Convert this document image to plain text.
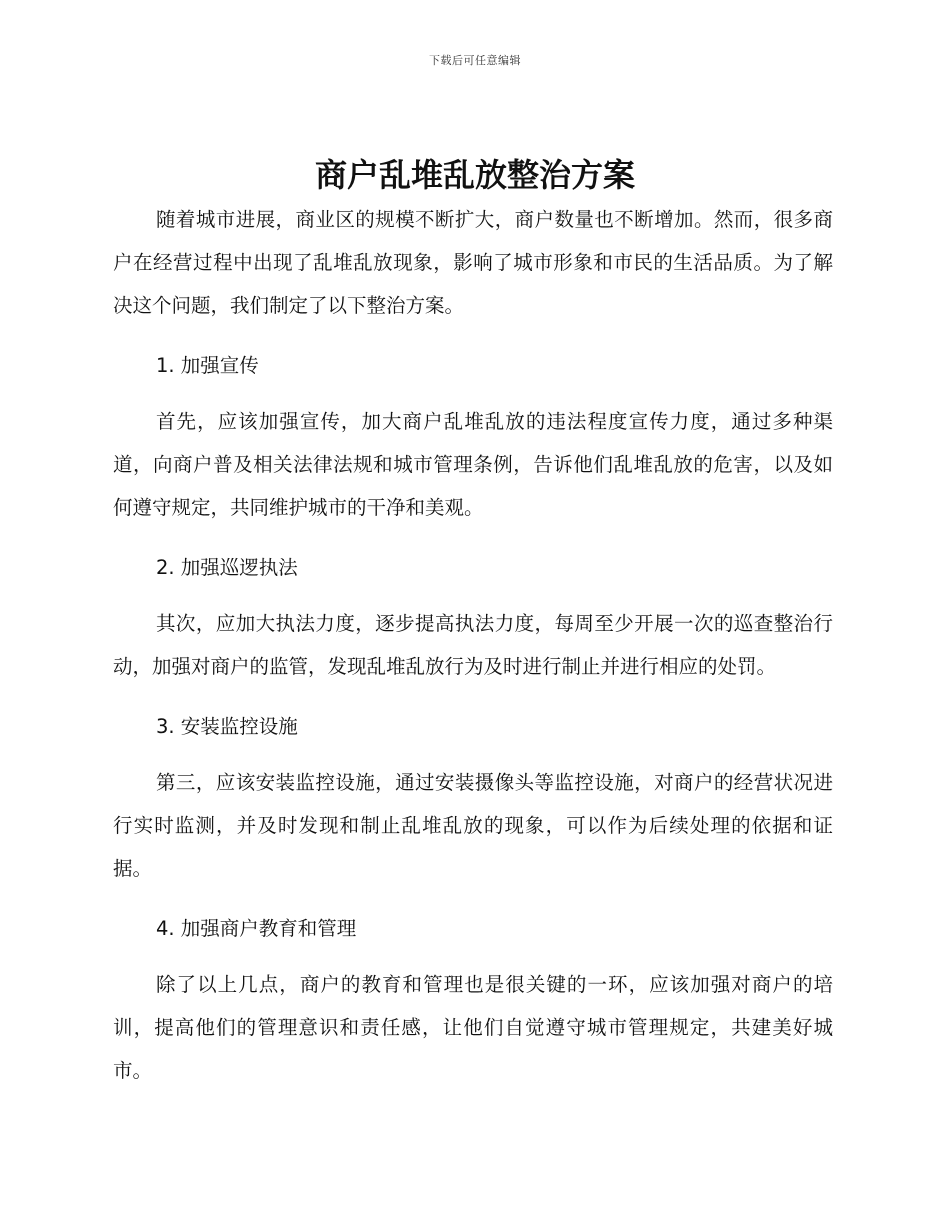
下载后可任意编辑
商户乱堆乱放整治方案

随着城市进展，商业区的规模不断扩大，商户数量也不断增加。然而，很多商户在经营过程中出现了乱堆乱放现象，影响了城市形象和市民的生活品质。为了解决这个问题，我们制定了以下整治方案。

1. 加强宣传

首先，应该加强宣传，加大商户乱堆乱放的违法程度宣传力度，通过多种渠道，向商户普及相关法律法规和城市管理条例，告诉他们乱堆乱放的危害，以及如何遵守规定，共同维护城市的干净和美观。

2. 加强巡逻执法

其次，应加大执法力度，逐步提高执法力度，每周至少开展一次的巡查整治行动，加强对商户的监管，发现乱堆乱放行为及时进行制止并进行相应的处罚。

3. 安装监控设施

第三，应该安装监控设施，通过安装摄像头等监控设施，对商户的经营状况进行实时监测，并及时发现和制止乱堆乱放的现象，可以作为后续处理的依据和证据。

4. 加强商户教育和管理

除了以上几点，商户的教育和管理也是很关键的一环，应该加强对商户的培训，提高他们的管理意识和责任感，让他们自觉遵守城市管理规定，共建美好城市。
